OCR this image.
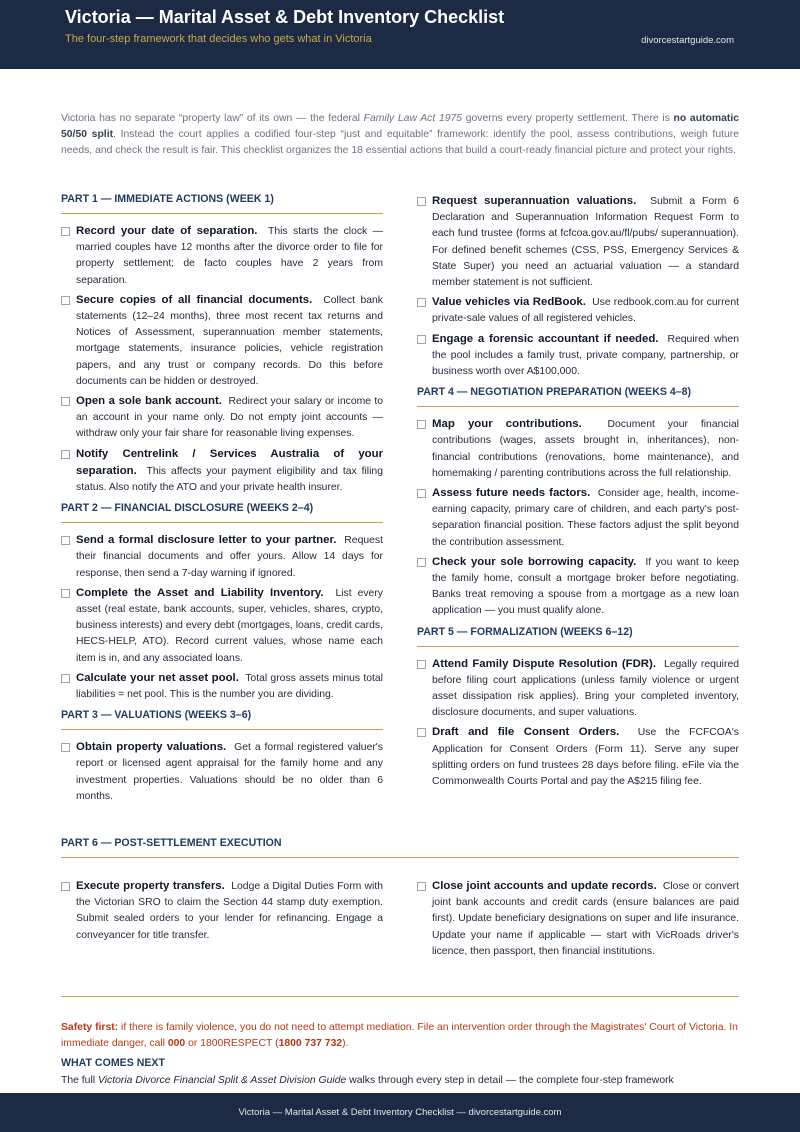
Victoria — Marital Asset & Debt Inventory Checklist
The four-step framework that decides who gets what in Victoria	divorcestartguide.com

Victoria has no separate “property law” of its own — the federal Family Law Act 1975 governs every property settlement. There is no automatic 50/50 split. Instead the court applies a codified four-step “just and equitable” framework: identify the pool, assess contributions, weigh future needs, and check the result is fair. This checklist organizes the 18 essential actions that build a court-ready financial picture and protect your rights.

PART 1 — IMMEDIATE ACTIONS (WEEK 1)
Record your date of separation. This starts the clock — married couples have 12 months after the divorce order to file for property settlement; de facto couples have 2 years from separation.
Secure copies of all financial documents. Collect bank statements (12–24 months), three most recent tax returns and Notices of Assessment, superannuation member statements, mortgage statements, insurance policies, vehicle registration papers, and any trust or company records. Do this before documents can be hidden or destroyed.
Open a sole bank account. Redirect your salary or income to an account in your name only. Do not empty joint accounts — withdraw only your fair share for reasonable living expenses.
Notify Centrelink / Services Australia of your separation. This affects your payment eligibility and tax filing status. Also notify the ATO and your private health insurer.
PART 2 — FINANCIAL DISCLOSURE (WEEKS 2–4)
Send a formal disclosure letter to your partner. Request their financial documents and offer yours. Allow 14 days for response, then send a 7-day warning if ignored.
Complete the Asset and Liability Inventory. List every asset (real estate, bank accounts, super, vehicles, shares, crypto, business interests) and every debt (mortgages, loans, credit cards, HECS-HELP, ATO). Record current values, whose name each item is in, and any associated loans.
Calculate your net asset pool. Total gross assets minus total liabilities = net pool. This is the number you are dividing.
PART 3 — VALUATIONS (WEEKS 3–6)
Obtain property valuations. Get a formal registered valuer's report or licensed agent appraisal for the family home and any investment properties. Valuations should be no older than 6 months.
Request superannuation valuations. Submit a Form 6 Declaration and Superannuation Information Request Form to each fund trustee (forms at fcfcoa.gov.au/fl/pubs/ superannuation). For defined benefit schemes (CSS, PSS, Emergency Services & State Super) you need an actuarial valuation — a standard member statement is not sufficient.
Value vehicles via RedBook. Use redbook.com.au for current private-sale values of all registered vehicles.
Engage a forensic accountant if needed. Required when the pool includes a family trust, private company, partnership, or business worth over A$100,000.
PART 4 — NEGOTIATION PREPARATION (WEEKS 4–8)
Map your contributions. Document your financial contributions (wages, assets brought in, inheritances), non-financial contributions (renovations, home maintenance), and homemaking / parenting contributions across the full relationship.
Assess future needs factors. Consider age, health, income-earning capacity, primary care of children, and each party's post-separation financial position. These factors adjust the split beyond the contribution assessment.
Check your sole borrowing capacity. If you want to keep the family home, consult a mortgage broker before negotiating. Banks treat removing a spouse from a mortgage as a new loan application — you must qualify alone.
PART 5 — FORMALIZATION (WEEKS 6–12)
Attend Family Dispute Resolution (FDR). Legally required before filing court applications (unless family violence or urgent asset dissipation risk applies). Bring your completed inventory, disclosure documents, and super valuations.
Draft and file Consent Orders. Use the FCFCOA's Application for Consent Orders (Form 11). Serve any super splitting orders on fund trustees 28 days before filing. eFile via the Commonwealth Courts Portal and pay the A$215 filing fee.
PART 6 — POST-SETTLEMENT EXECUTION
Execute property transfers. Lodge a Digital Duties Form with the Victorian SRO to claim the Section 44 stamp duty exemption. Submit sealed orders to your lender for refinancing. Engage a conveyancer for title transfer.
Close joint accounts and update records. Close or convert joint bank accounts and credit cards (ensure balances are paid first). Update beneficiary designations on super and life insurance. Update your name if applicable — start with VicRoads driver's licence, then passport, then financial institutions.

Safety first: if there is family violence, you do not need to attempt mediation. File an intervention order through the Magistrates' Court of Victoria. In immediate danger, call 000 or 1800RESPECT (1800 737 732).

WHAT COMES NEXT

The full Victoria Divorce Financial Split & Asset Division Guide walks through every step in detail — the complete four-step framework

Victoria — Marital Asset & Debt Inventory Checklist — divorcestartguide.com
